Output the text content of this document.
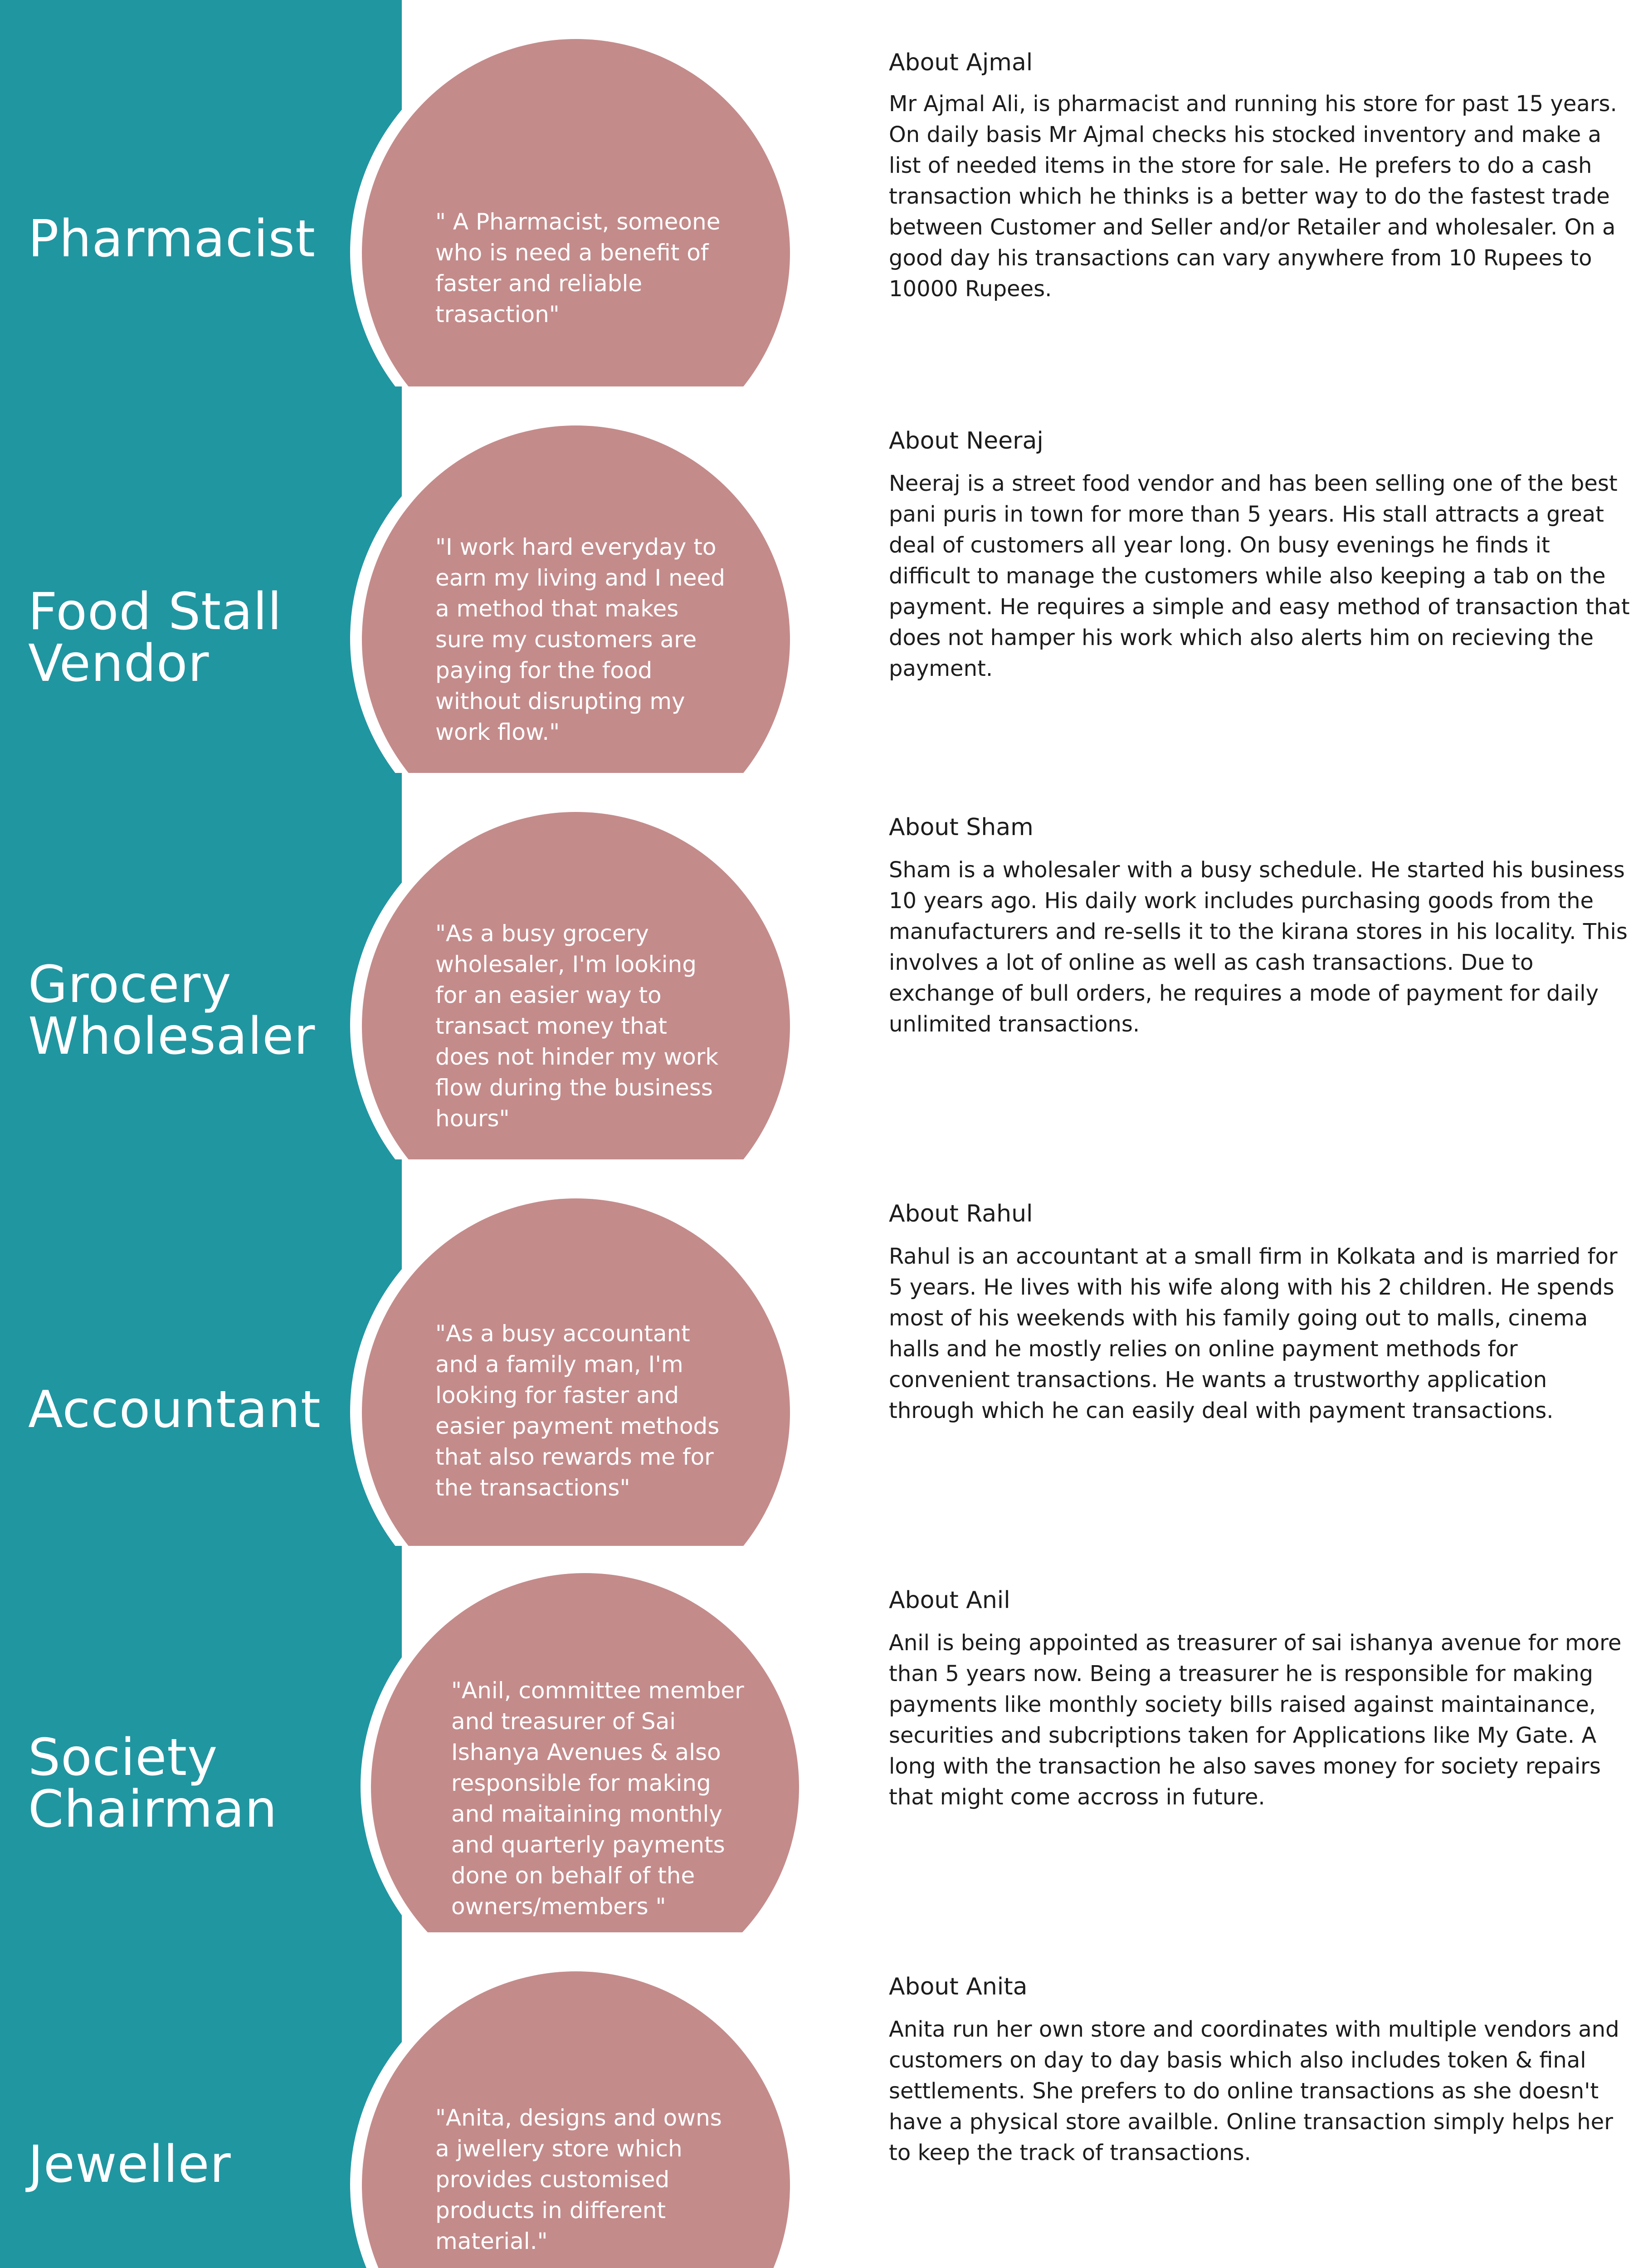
Pharmacist	" A Pharmacist, someone who is need a benefit of faster and reliable trasaction"
About Ajmal
Mr Ajmal Ali, is pharmacist and running his store for past 15 years. On daily basis Mr Ajmal checks his stocked inventory and make a list of needed items in the store for sale. He prefers to do a cash transaction which he thinks is a better way to do the fastest trade between Customer and Seller and/or Retailer and wholesaler. On a good day his transactions can vary anywhere from 10 Rupees to 10000 Rupees.
Food Stall
Vendor
"I work hard everyday to earn my living and I need a method that makes sure my customers are paying for the food without disrupting my work flow."
About Neeraj
Neeraj is a street food vendor and has been selling one of the best pani puris in town for more than 5 years. His stall attracts a great deal of customers all year long. On busy evenings he finds it difficult to manage the customers while also keeping a tab on the payment. He requires a simple and easy method of transaction that does not hamper his work which also alerts him on recieving the payment.
Grocery
Wholesaler
"As a busy grocery wholesaler, I'm looking for an easier way to transact money that does not hinder my work flow during the business hours"
About Sham
Sham is a wholesaler with a busy schedule. He started his business 10 years ago. His daily work includes purchasing goods from the manufacturers and re-sells it to the kirana stores in his locality. This involves a lot of online as well as cash transactions. Due to exchange of bull orders, he requires a mode of payment for daily unlimited transactions.
Accountant
"As a busy accountant and a family man, I'm looking for faster and easier payment methods that also rewards me for the transactions"
About Rahul
Rahul is an accountant at a small firm in Kolkata and is married for 5 years. He lives with his wife along with his 2 children. He spends most of his weekends with his family going out to malls, cinema halls and he mostly relies on online payment methods for convenient transactions. He wants a trustworthy application through which he can easily deal with payment transactions.
Society
Chairman
"Anil, committee member and treasurer of Sai Ishanya Avenues & also responsible for making and maitaining monthly and quarterly payments done on behalf of the owners/members "
About Anil
Anil is being appointed as treasurer of sai ishanya avenue for more than 5 years now. Being a treasurer he is responsible for making payments like monthly society bills raised against maintainance, securities and subcriptions taken for Applications like My Gate. A long with the transaction he also saves money for society repairs that might come accross in future.
Jeweller
"Anita, designs and owns a jwellery store which provides customised products in different material."
About Anita
Anita run her own store and coordinates with multiple vendors and customers on day to day basis which also includes token & final settlements. She prefers to do online transactions as she doesn't have a physical store availble. Online transaction simply helps her to keep the track of transactions.
